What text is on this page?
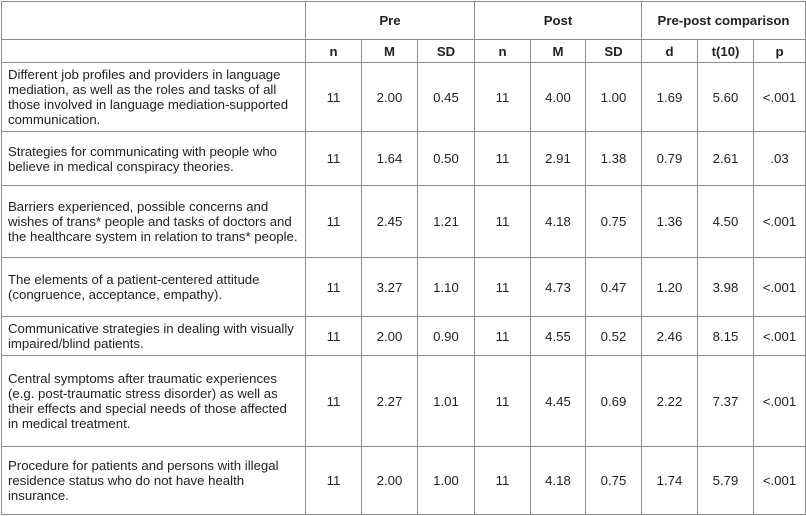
	Pre			Post			Pre-post comparison		
	n	M	SD	n	M	SD	d	t(10)	p
Different job profiles and providers in language mediation, as well as the roles and tasks of all those involved in language mediation-supported communication.	11	2.00	0.45	11	4.00	1.00	1.69	5.60	<.001
Strategies for communicating with people who believe in medical conspiracy theories.	11	1.64	0.50	11	2.91	1.38	0.79	2.61	.03
Barriers experienced, possible concerns and wishes of trans* people and tasks of doctors and the healthcare system in relation to trans* people.	11	2.45	1.21	11	4.18	0.75	1.36	4.50	<.001
The elements of a patient-centered attitude (congruence, acceptance, empathy).	11	3.27	1.10	11	4.73	0.47	1.20	3.98	<.001
Communicative strategies in dealing with visually impaired/blind patients.	11	2.00	0.90	11	4.55	0.52	2.46	8.15	<.001
Central symptoms after traumatic experiences (e.g. post-traumatic stress disorder) as well as their effects and special needs of those affected in medical treatment.	11	2.27	1.01	11	4.45	0.69	2.22	7.37	<.001
Procedure for patients and persons with illegal residence status who do not have health insurance.	11	2.00	1.00	11	4.18	0.75	1.74	5.79	<.001
